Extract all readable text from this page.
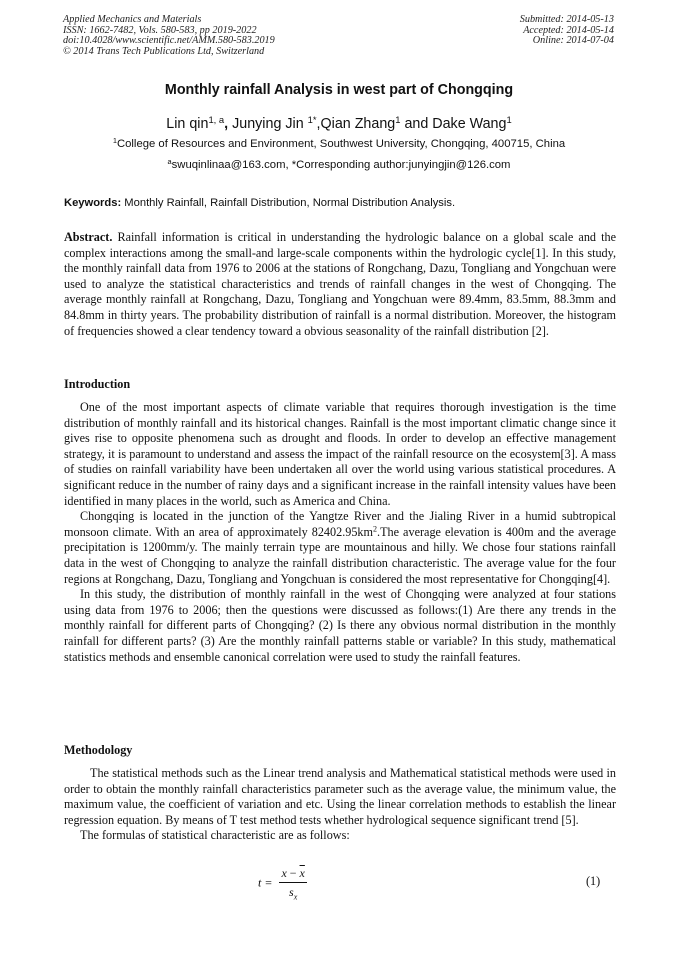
Applied Mechanics and Materials
ISSN: 1662-7482, Vols. 580-583, pp 2019-2022
doi:10.4028/www.scientific.net/AMM.580-583.2019
© 2014 Trans Tech Publications Ltd, Switzerland
Submitted: 2014-05-13
Accepted: 2014-05-14
Online: 2014-07-04
Monthly rainfall Analysis in west part of Chongqing
Lin qin$^{1, a}$, Junying Jin $^{1*}$,Qian Zhang$^1$ and Dake Wang$^1$
$^1$College of Resources and Environment, Southwest University, Chongqing, 400715, China
$^a$swuqinlinaa@163.com, *Corresponding author:junyingjin@126.com
Keywords: Monthly Rainfall, Rainfall Distribution, Normal Distribution Analysis.

Abstract. Rainfall information is critical in understanding the hydrologic balance on a global scale and the complex interactions among the small-and large-scale components within the hydrologic cycle[1]. In this study, the monthly rainfall data from 1976 to 2006 at the stations of Rongchang, Dazu, Tongliang and Yongchuan were used to analyze the statistical characteristics and trends of rainfall changes in the west of Chongqing. The average monthly rainfall at Rongchang, Dazu, Tongliang and Yongchuan were 89.4mm, 83.5mm, 88.3mm and 84.8mm in thirty years. The probability distribution of rainfall is a normal distribution. Moreover, the histogram of frequencies showed a clear tendency toward a obvious seasonality of the rainfall distribution [2].

Introduction

One of the most important aspects of climate variable that requires thorough investigation is the time distribution of monthly rainfall and its historical changes. Rainfall is the most important climatic change since it gives rise to opposite phenomena such as drought and floods. In order to develop an effective management strategy, it is paramount to understand and assess the impact of the rainfall resource on the ecosystem[3]. A mass of studies on rainfall variability have been undertaken all over the world using various statistical procedures. A significant reduce in the number of rainy days and a significant increase in the rainfall intensity values have been identified in many places in the world, such as America and China.

Chongqing is located in the junction of the Yangtze River and the Jialing River in a humid subtropical monsoon climate. With an area of approximately $82402.95km^2.The$ average elevation is 400m and the average precipitation is 1200mm/y. The mainly terrain type are mountainous and hilly. We chose four stations rainfall data in the west of Chongqing to analyze the rainfall distribution characteristic. The average value for the four regions at Rongchang, Dazu, Tongliang and Yongchuan is considered the most representative for Chongqing[4].

In this study, the distribution of monthly rainfall in the west of Chongqing were analyzed at four stations using data from 1976 to 2006; then the questions were discussed as follows:(1) Are there any trends in the monthly rainfall for different parts of Chongqing? (2) Is there any obvious normal distribution in the monthly rainfall for different parts? (3) Are the monthly rainfall patterns stable or variable? In this study, mathematical statistics methods and ensemble canonical correlation were used to study the rainfall features.

Methodology

The statistical methods such as the Linear trend analysis and Mathematical statistical methods were used in order to obtain the monthly rainfall characteristics parameter such as the average value, the minimum value, the maximum value, the coefficient of variation and etc. Using the linear correlation methods to establish the linear regression equation. By means of T test method tests whether hydrological sequence significant trend [5].

The formulas of statistical characteristic are as follows:

$t = \frac{x - \overline{x}}{s_x}$	(1)
